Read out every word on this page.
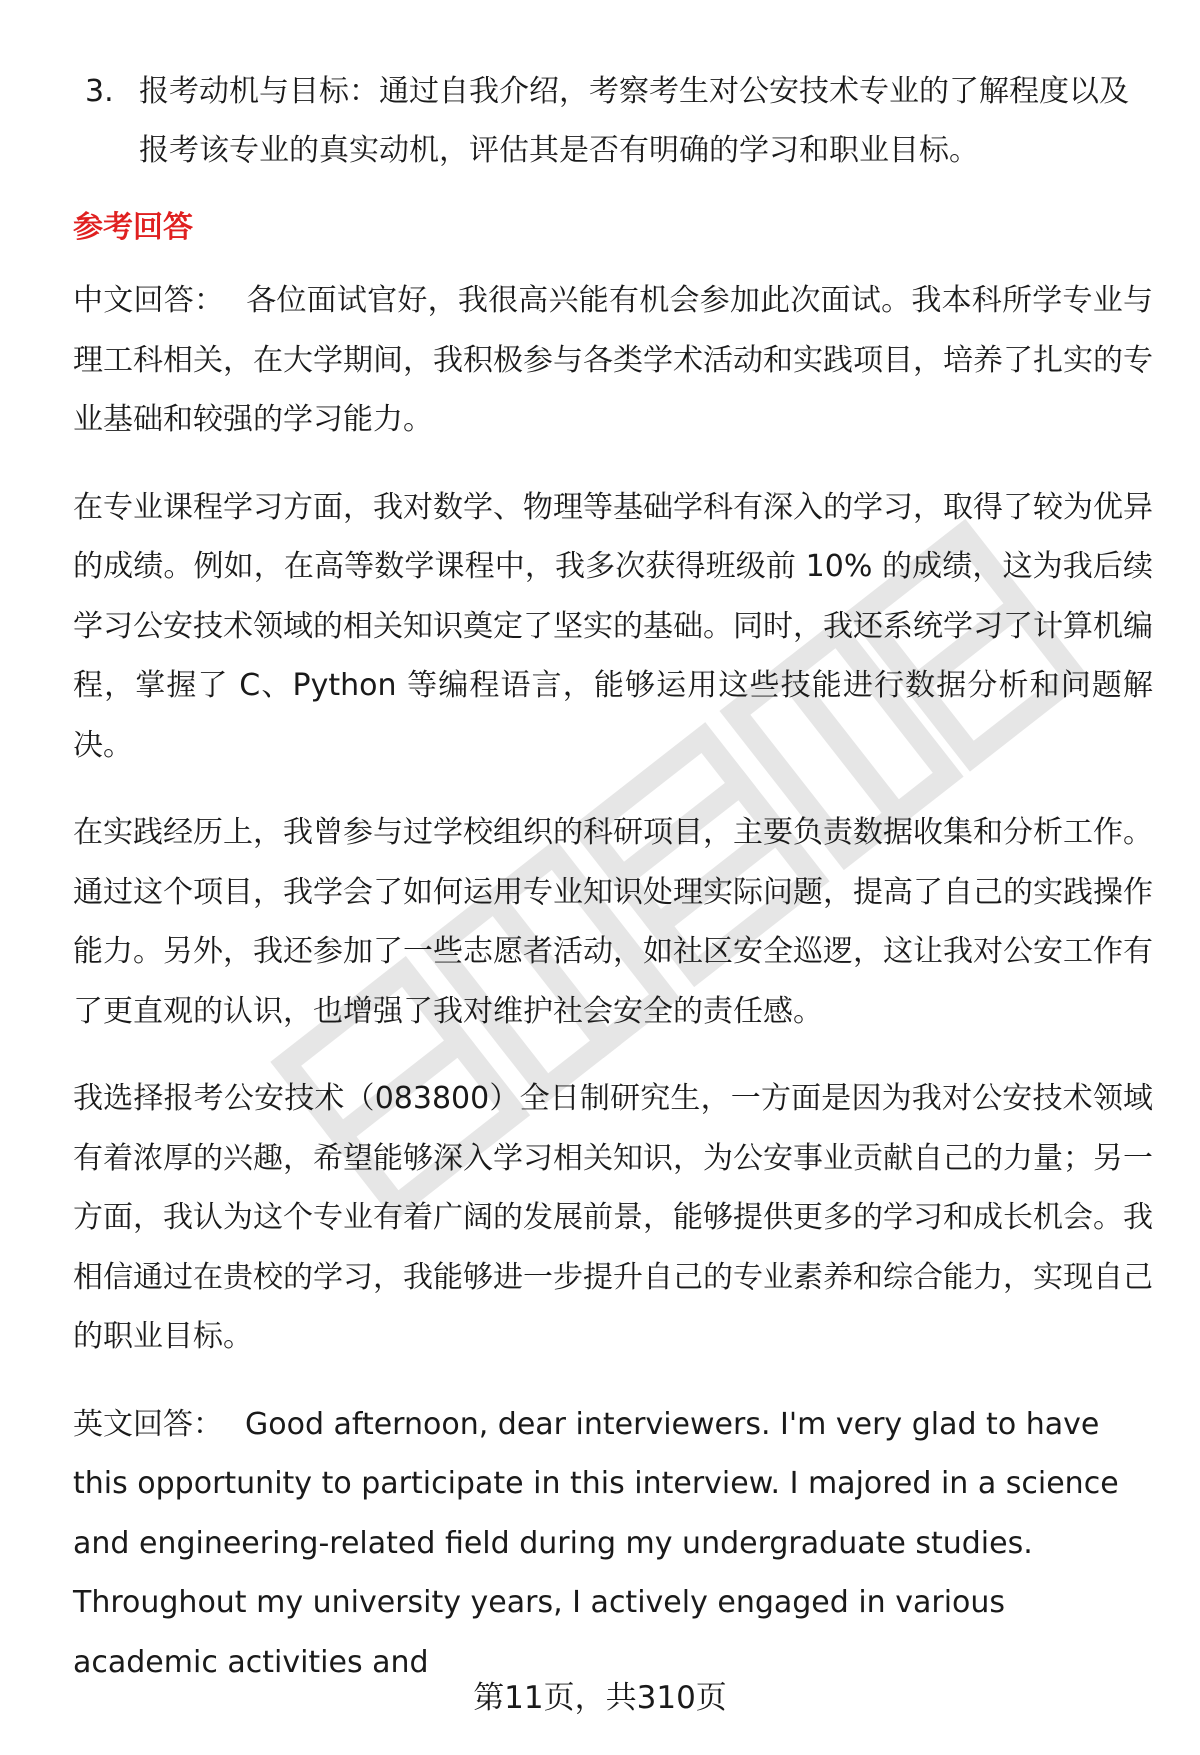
3. 报考动机与目标：通过自我介绍，考察考生对公安技术专业的了解程度以及报考该专业的真实动机，评估其是否有明确的学习和职业目标。
参考回答

中文回答： 各位面试官好，我很高兴能有机会参加此次面试。我本科所学专业与理工科相关，在大学期间，我积极参与各类学术活动和实践项目，培养了扎实的专业基础和较强的学习能力。

在专业课程学习方面，我对数学、物理等基础学科有深入的学习，取得了较为优异的成绩。例如，在高等数学课程中，我多次获得班级前 10% 的成绩，这为我后续学习公安技术领域的相关知识奠定了坚实的基础。同时，我还系统学习了计算机编程，掌握了 C、Python 等编程语言，能够运用这些技能进行数据分析和问题解决。

在实践经历上，我曾参与过学校组织的科研项目，主要负责数据收集和分析工作。通过这个项目，我学会了如何运用专业知识处理实际问题，提高了自己的实践操作能力。另外，我还参加了一些志愿者活动，如社区安全巡逻，这让我对公安工作有了更直观的认识，也增强了我对维护社会安全的责任感。

我选择报考公安技术（083800）全日制研究生，一方面是因为我对公安技术领域有着浓厚的兴趣，希望能够深入学习相关知识，为公安事业贡献自己的力量；另一方面，我认为这个专业有着广阔的发展前景，能够提供更多的学习和成长机会。我相信通过在贵校的学习，我能够进一步提升自己的专业素养和综合能力，实现自己的职业目标。

英文回答： Good afternoon, dear interviewers. I'm very glad to have this opportunity to participate in this interview. I majored in a science and engineering-related field during my undergraduate studies. Throughout my university years, I actively engaged in various academic activities and

第11页，共310页
